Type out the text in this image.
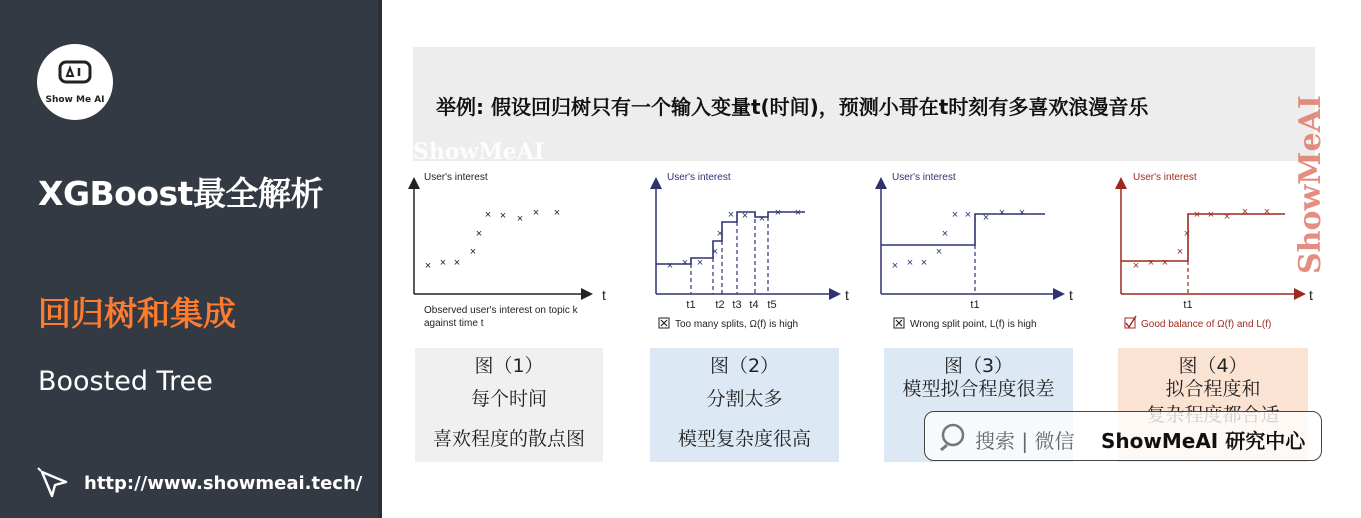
Show Me AI
XGBoost最全解析
回归树和集成
Boosted Tree
http://www.showmeai.tech/
举例: 假设回归树只有一个输入变量t(时间)，预测小哥在t时刻有多喜欢浪漫音乐
ShowMeAI	ShowMeAI
User's interest
t
× × ×
×
×
× × × × ×
Observed user's interest on topic k
against time t
User's interest
t
× × ×
×
×
× × × × ×
t1 t2 t3 t4 t5
Too many splits, Ω(f) is high
User's interest
t
× × ×
×
×
× × × × ×
t1
Wrong split point, L(f) is high
User's interest
t
× × ×
×
×
× × × × ×
t1
Good balance of Ω(f) and L(f)
图（1）
每个时间
喜欢程度的散点图
图（2）
分割太多
模型复杂度很高
图（3）
模型拟合程度很差
图（4）
拟合程度和
搜索 | 微信 ShowMeAI 研究中心
